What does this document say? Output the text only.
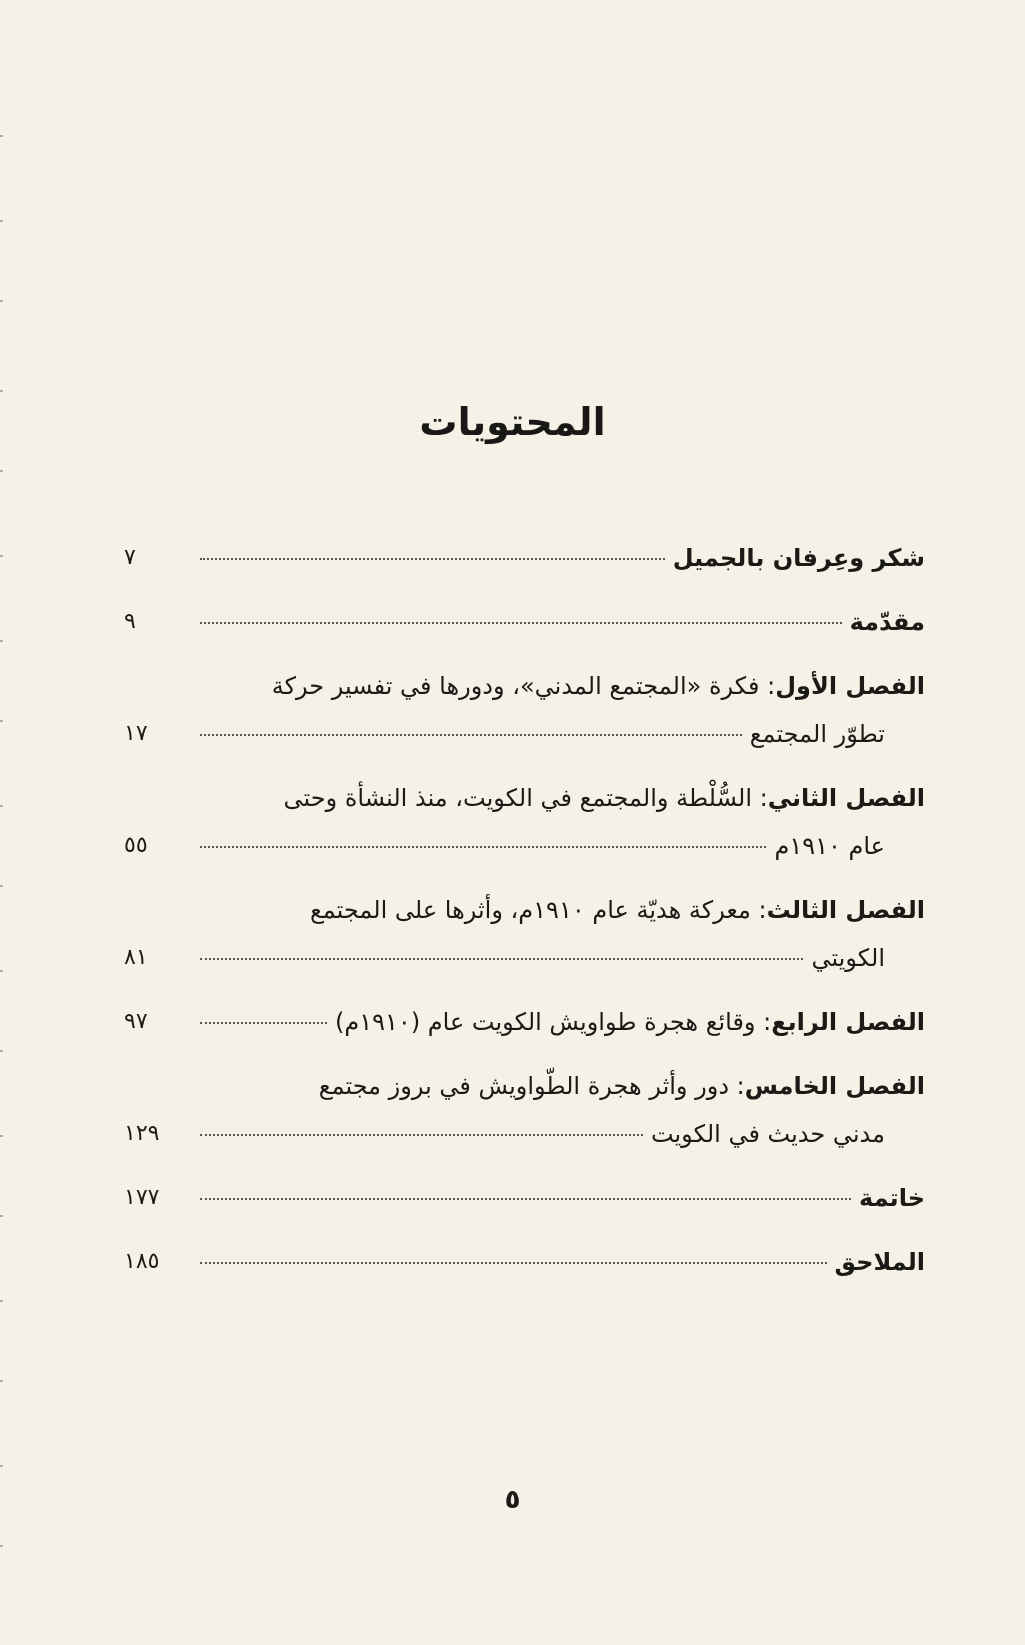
المحتويات
شكر وعِرفان بالجميل
٧
مقدّمة
٩
الفصل الأول: فكرة «المجتمع المدني»، ودورها في تفسير حركة
تطوّر المجتمع
١٧
الفصل الثاني: السُّلْطة والمجتمع في الكويت، منذ النشأة وحتى
عام ١٩١٠م
٥٥
الفصل الثالث: معركة هديّة عام ١٩١٠م، وأثرها على المجتمع
الكويتي
٨١
الفصل الرابع: وقائع هجرة طواويش الكويت عام (١٩١٠م)
٩٧
الفصل الخامس: دور وأثر هجرة الطّواويش في بروز مجتمع
مدني حديث في الكويت
١٢٩
خاتمة
١٧٧
الملاحق
١٨٥
٥
